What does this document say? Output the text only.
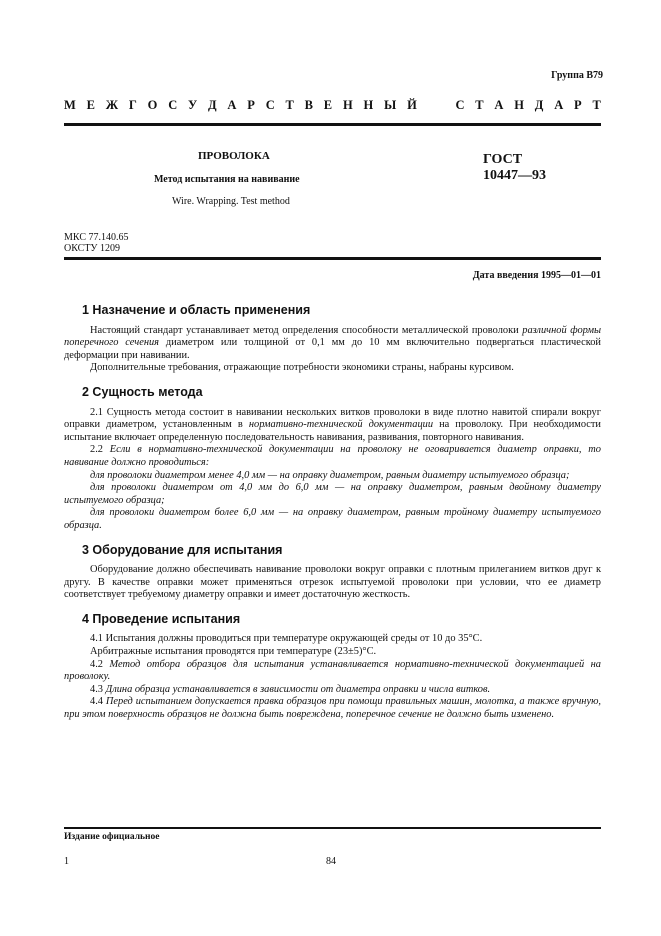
Группа В79
М Е Ж Г О С У Д А Р С Т В Е Н Н Ы Й

	С Т А Н Д А Р Т
ПРОВОЛОКА
Метод испытания на навивание
Wire. Wrapping. Test method
ГОСТ
10447—93
МКС 77.140.65
ОКСТУ 1209
Дата введения 1995—01—01
1 Назначение и область применения

Настоящий стандарт устанавливает метод определения способности металлической проволоки различной формы поперечного сечения диаметром или толщиной от 0,1 мм до 10 мм включительно подвергаться пластической деформации при навивании.

Дополнительные требования, отражающие потребности экономики страны, набраны курсивом.

2 Сущность метода

2.1 Сущность метода состоит в навивании нескольких витков проволоки в виде плотно навитой спирали вокруг оправки диаметром, установленным в нормативно-технической документации на проволоку. При необходимости испытание включает определенную последовательность навивания, развивания, повторного навивания.

2.2 Если в нормативно-технической документации на проволоку не оговаривается диаметр оправки, то навивание должно проводиться:

для проволоки диаметром менее 4,0 мм — на оправку диаметром, равным диаметру испытуемого образца;

для проволоки диаметром от 4,0 мм до 6,0 мм — на оправку диаметром, равным двойному диаметру испытуемого образца;

для проволоки диаметром более 6,0 мм — на оправку диаметром, равным тройному диаметру испытуемого образца.

3 Оборудование для испытания

Оборудование должно обеспечивать навивание проволоки вокруг оправки с плотным прилеганием витков друг к другу. В качестве оправки может применяться отрезок испытуемой проволоки при условии, что ее диаметр соответствует требуемому диаметру оправки и имеет достаточную жесткость.

4 Проведение испытания

4.1 Испытания должны проводиться при температуре окружающей среды от 10 до 35°С.

Арбитражные испытания проводятся при температуре (23±5)°С.

4.2 Метод отбора образцов для испытания устанавливается нормативно-технической документацией на проволоку.

4.3 Длина образца устанавливается в зависимости от диаметра оправки и числа витков.

4.4 Перед испытанием допускается правка образцов при помощи правильных машин, молотка, а также вручную, при этом поверхность образцов не должна быть повреждена, поперечное сечение не должно быть изменено.

Издание официальное
1	84
